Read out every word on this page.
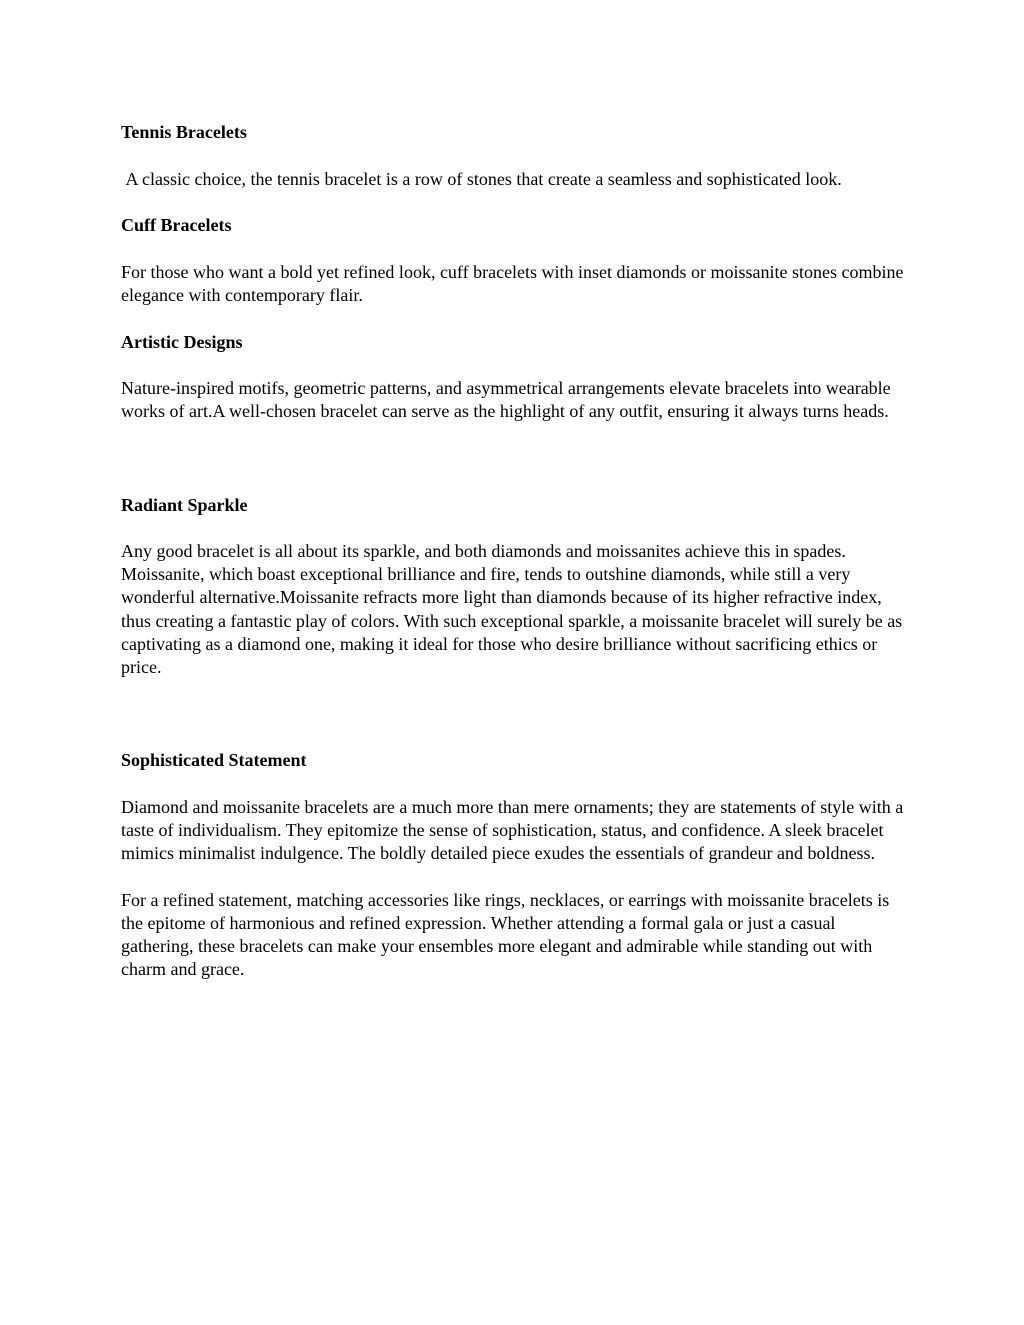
Tennis Bracelets
A classic choice, the tennis bracelet is a row of stones that create a seamless and sophisticated look.
Cuff Bracelets
For those who want a bold yet refined look, cuff bracelets with inset diamonds or moissanite stones combine elegance with contemporary flair.
Artistic Designs
Nature-inspired motifs, geometric patterns, and asymmetrical arrangements elevate bracelets into wearable works of art.A well-chosen bracelet can serve as the highlight of any outfit, ensuring it always turns heads.
Radiant Sparkle
Any good bracelet is all about its sparkle, and both diamonds and moissanites achieve this in spades. Moissanite, which boast exceptional brilliance and fire, tends to outshine diamonds, while still a very wonderful alternative.Moissanite refracts more light than diamonds because of its higher refractive index, thus creating a fantastic play of colors. With such exceptional sparkle, a moissanite bracelet will surely be as captivating as a diamond one, making it ideal for those who desire brilliance without sacrificing ethics or price.
Sophisticated Statement
Diamond and moissanite bracelets are a much more than mere ornaments; they are statements of style with a taste of individualism. They epitomize the sense of sophistication, status, and confidence. A sleek bracelet mimics minimalist indulgence. The boldly detailed piece exudes the essentials of grandeur and boldness.
For a refined statement, matching accessories like rings, necklaces, or earrings with moissanite bracelets is the epitome of harmonious and refined expression. Whether attending a formal gala or just a casual gathering, these bracelets can make your ensembles more elegant and admirable while standing out with charm and grace.
